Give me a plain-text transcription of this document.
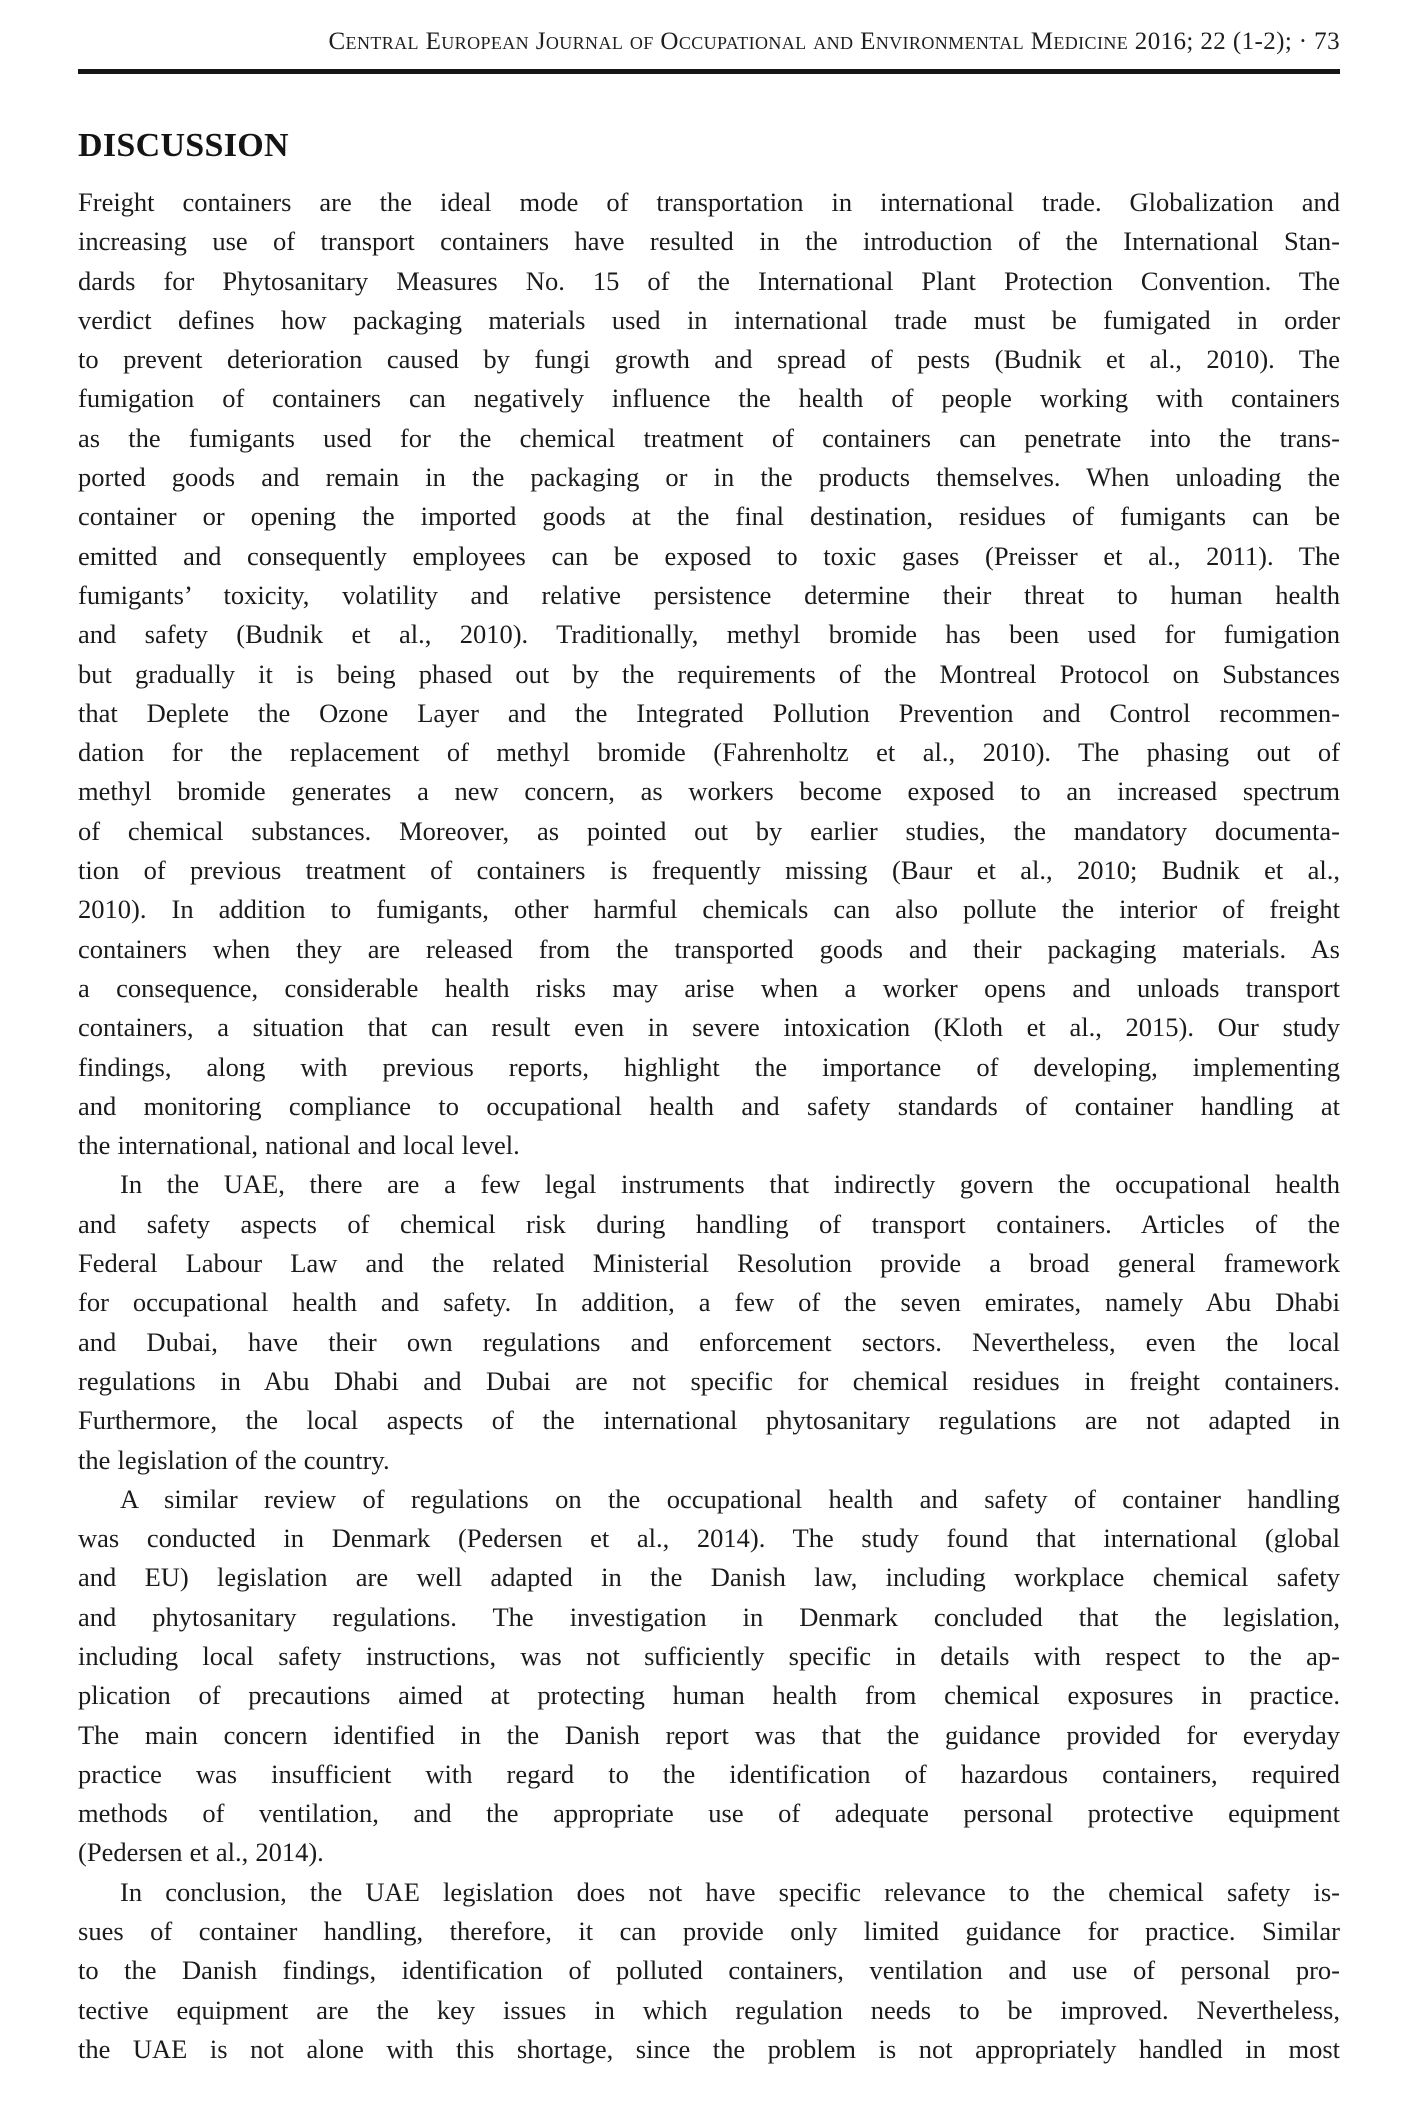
Central European Journal of Occupational and Environmental Medicine 2016; 22 (1-2); · 73
DISCUSSION
Freight containers are the ideal mode of transportation in international trade. Globalization and
increasing use of transport containers have resulted in the introduction of the International Stan-
dards for Phytosanitary Measures No. 15 of the International Plant Protection Convention. The
verdict defines how packaging materials used in international trade must be fumigated in order
to prevent deterioration caused by fungi growth and spread of pests (Budnik et al., 2010). The
fumigation of containers can negatively influence the health of people working with containers
as the fumigants used for the chemical treatment of containers can penetrate into the trans-
ported goods and remain in the packaging or in the products themselves. When unloading the
container or opening the imported goods at the final destination, residues of fumigants can be
emitted and consequently employees can be exposed to toxic gases (Preisser et al., 2011). The
fumigants’ toxicity, volatility and relative persistence determine their threat to human health
and safety (Budnik et al., 2010). Traditionally, methyl bromide has been used for fumigation
but gradually it is being phased out by the requirements of the Montreal Protocol on Substances
that Deplete the Ozone Layer and the Integrated Pollution Prevention and Control recommen-
dation for the replacement of methyl bromide (Fahrenholtz et al., 2010). The phasing out of
methyl bromide generates a new concern, as workers become exposed to an increased spectrum
of chemical substances. Moreover, as pointed out by earlier studies, the mandatory documenta-
tion of previous treatment of containers is frequently missing (Baur et al., 2010; Budnik et al.,
2010). In addition to fumigants, other harmful chemicals can also pollute the interior of freight
containers when they are released from the transported goods and their packaging materials. As
a consequence, considerable health risks may arise when a worker opens and unloads transport
containers, a situation that can result even in severe intoxication (Kloth et al., 2015). Our study
findings, along with previous reports, highlight the importance of developing, implementing
and monitoring compliance to occupational health and safety standards of container handling at
the international, national and local level.
In the UAE, there are a few legal instruments that indirectly govern the occupational health
and safety aspects of chemical risk during handling of transport containers. Articles of the
Federal Labour Law and the related Ministerial Resolution provide a broad general framework
for occupational health and safety. In addition, a few of the seven emirates, namely Abu Dhabi
and Dubai, have their own regulations and enforcement sectors. Nevertheless, even the local
regulations in Abu Dhabi and Dubai are not specific for chemical residues in freight containers.
Furthermore, the local aspects of the international phytosanitary regulations are not adapted in
the legislation of the country.
A similar review of regulations on the occupational health and safety of container handling
was conducted in Denmark (Pedersen et al., 2014). The study found that international (global
and EU) legislation are well adapted in the Danish law, including workplace chemical safety
and phytosanitary regulations. The investigation in Denmark concluded that the legislation,
including local safety instructions, was not sufficiently specific in details with respect to the ap-
plication of precautions aimed at protecting human health from chemical exposures in practice.
The main concern identified in the Danish report was that the guidance provided for everyday
practice was insufficient with regard to the identification of hazardous containers, required
methods of ventilation, and the appropriate use of adequate personal protective equipment
(Pedersen et al., 2014).
In conclusion, the UAE legislation does not have specific relevance to the chemical safety is-
sues of container handling, therefore, it can provide only limited guidance for practice. Similar
to the Danish findings, identification of polluted containers, ventilation and use of personal pro-
tective equipment are the key issues in which regulation needs to be improved. Nevertheless,
the UAE is not alone with this shortage, since the problem is not appropriately handled in most
